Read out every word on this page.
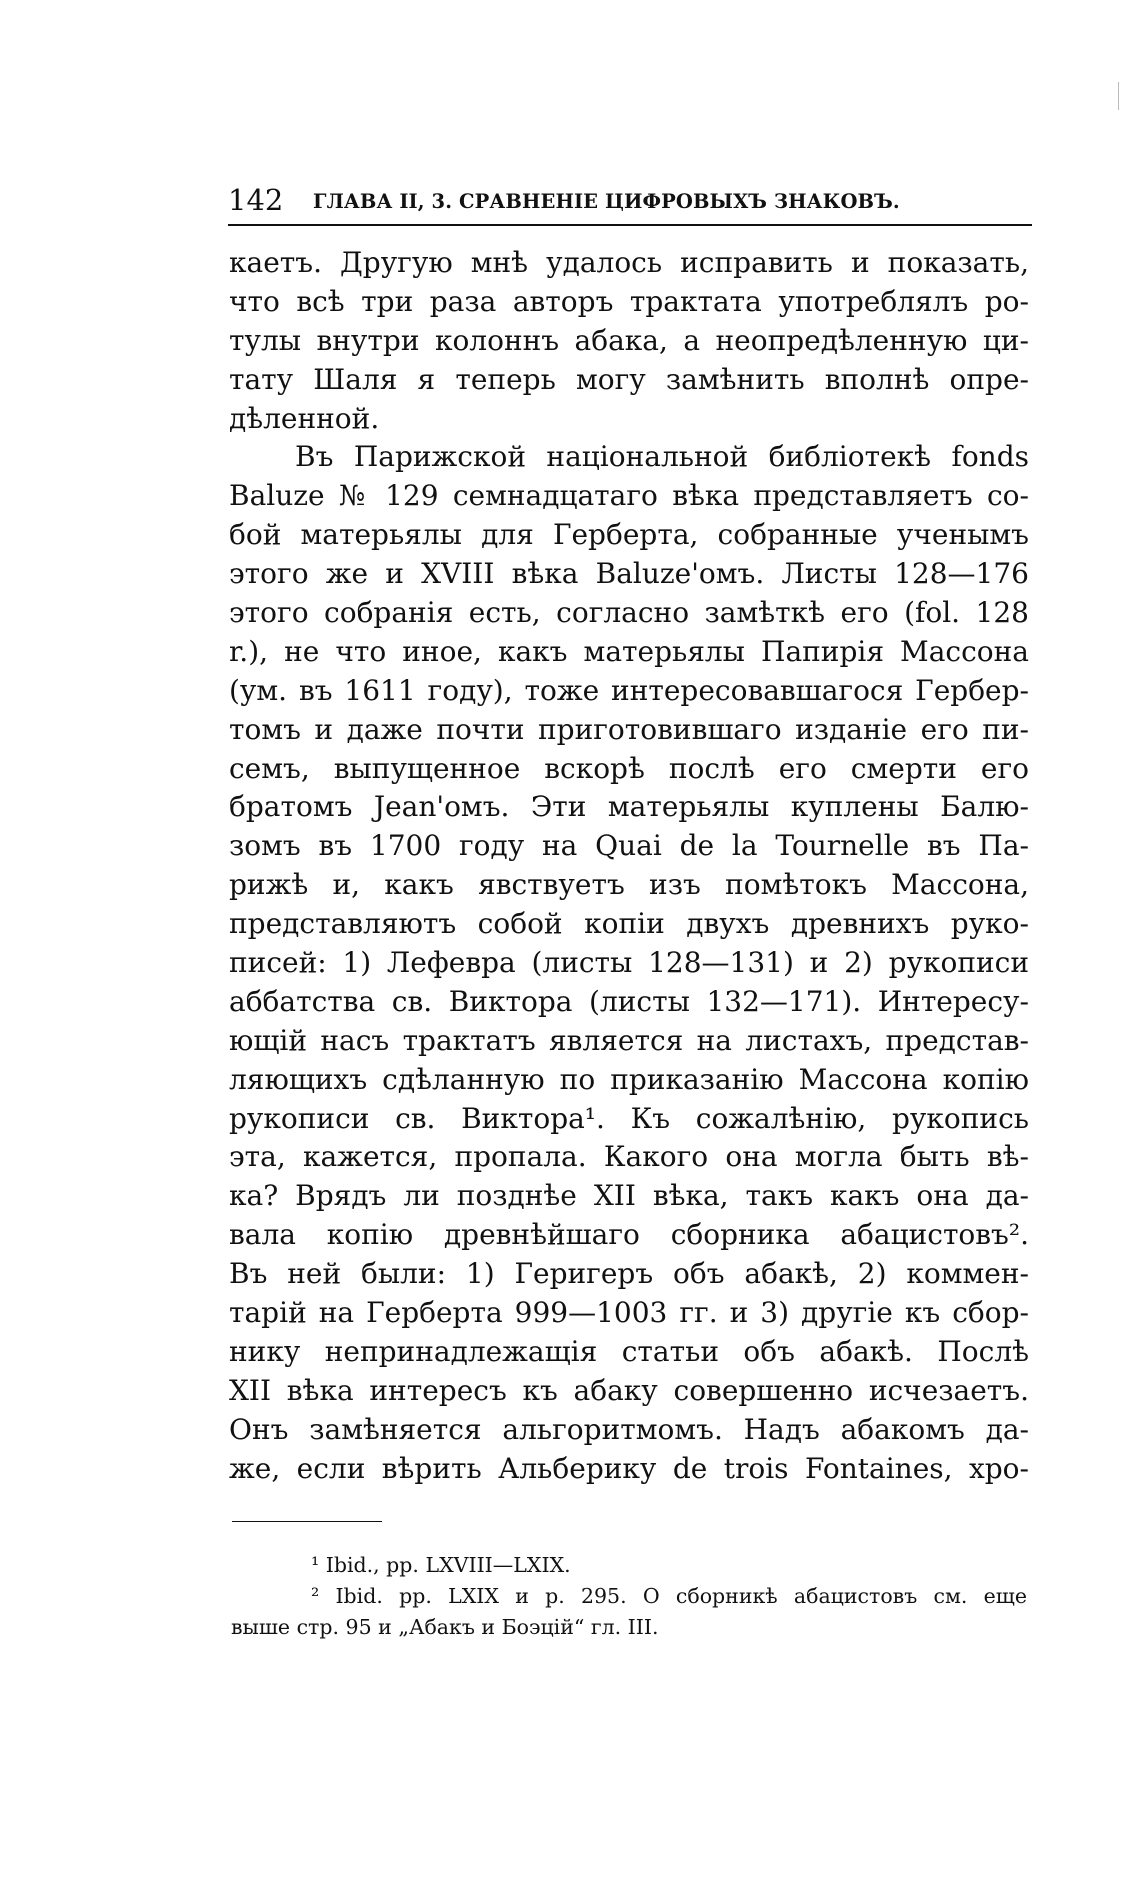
142 ГЛАВА II, 3. СРАВНЕНІЕ ЦИФРОВЫХЪ ЗНАКОВЪ.
каетъ. Другую мнѣ удалось исправить и показать,
что всѣ три раза авторъ трактата употреблялъ ро-
тулы внутри колоннъ абака, а неопредѣленную ци-
тату Шаля я теперь могу замѣнить вполнѣ опре-
дѣленной.
Въ Парижской національной библіотекѣ fonds
Baluze № 129 семнадцатаго вѣка представляетъ со-
бой матерьялы для Герберта, собранные ученымъ
этого же и XVIII вѣка Baluze'омъ. Листы 128—176
этого собранія есть, согласно замѣткѣ его (fol. 128
r.), не что иное, какъ матерьялы Папирія Массона
(ум. въ 1611 году), тоже интересовавшагося Гербер-
томъ и даже почти приготовившаго изданіе его пи-
семъ, выпущенное вскорѣ послѣ его смерти его
братомъ Jean'омъ. Эти матерьялы куплены Балю-
зомъ въ 1700 году на Quai de la Tournelle въ Па-
рижѣ и, какъ явствуетъ изъ помѣтокъ Массона,
представляютъ собой копіи двухъ древнихъ руко-
писей: 1) Лефевра (листы 128—131) и 2) рукописи
аббатства св. Виктора (листы 132—171). Интересу-
ющій насъ трактатъ является на листахъ, представ-
ляющихъ сдѣланную по приказанію Массона копію
рукописи св. Виктора¹. Къ сожалѣнію, рукопись
эта, кажется, пропала. Какого она могла быть вѣ-
ка? Врядъ ли позднѣе XII вѣка, такъ какъ она да-
вала копію древнѣйшаго сборника абацистовъ².
Въ ней были: 1) Геригеръ объ абакѣ, 2) коммен-
тарій на Герберта 999—1003 гг. и 3) другіе къ сбор-
нику непринадлежащія статьи объ абакѣ. Послѣ
XII вѣка интересъ къ абаку совершенно исчезаетъ.
Онъ замѣняется альгоритмомъ. Надъ абакомъ да-
же, если вѣрить Альберику de trois Fontaines, хро-
¹ Ibid., pp. LXVIII—LXIX.
² Ibid. pp. LXIX и p. 295. О сборникѣ абацистовъ см. еще
выше стр. 95 и „Абакъ и Боэцій“ гл. III.
